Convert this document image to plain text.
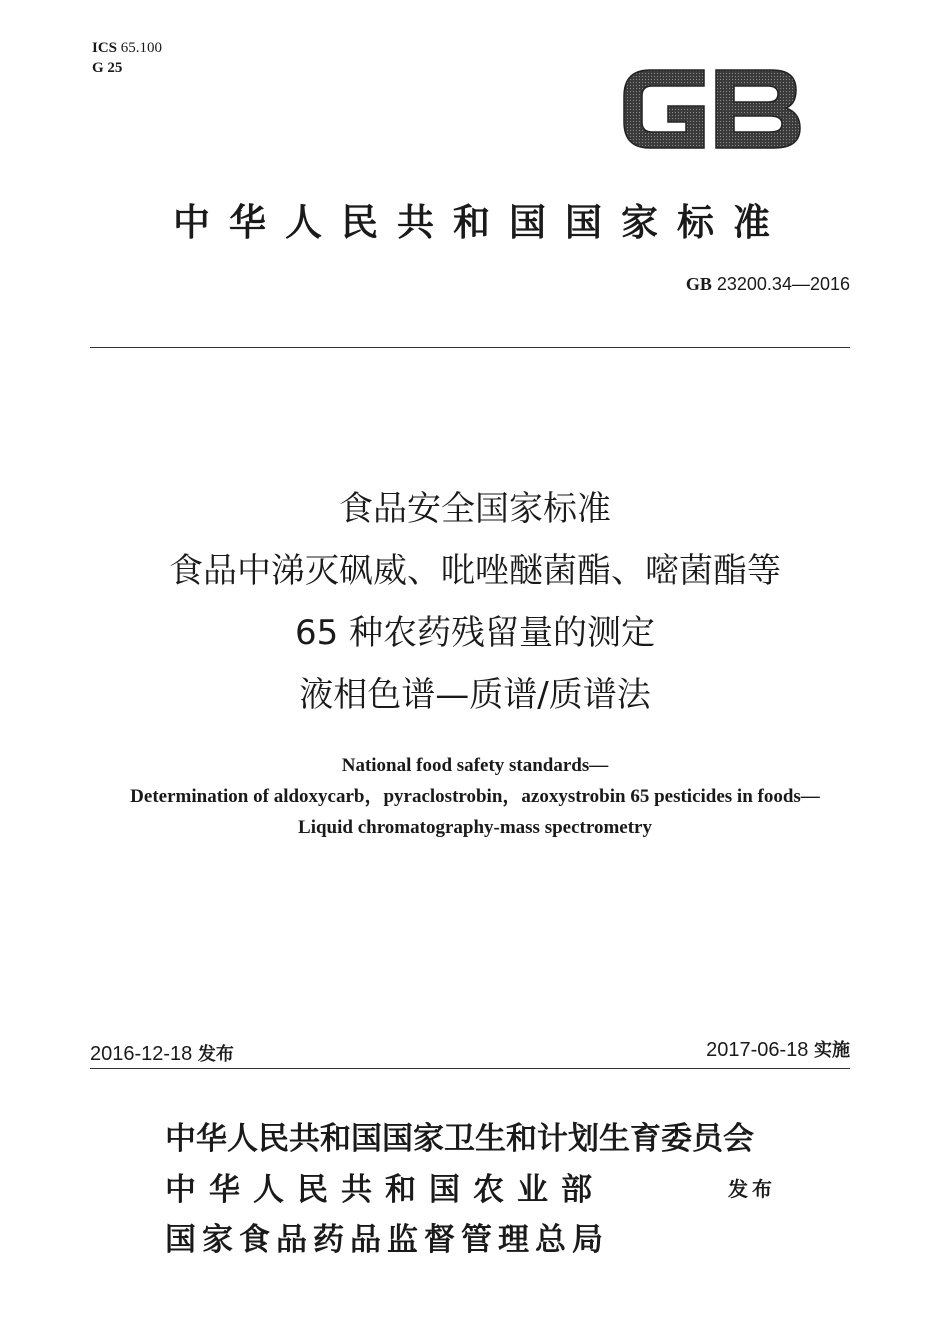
ICS 65.100
G 25
中华人民共和国国家标准
GB 23200.34—2016
食品安全国家标准
食品中涕灭砜威、吡唑醚菌酯、嘧菌酯等
65 种农药残留量的测定
液相色谱—质谱/质谱法
National food safety standards—
Determination of aldoxycarb，pyraclostrobin，azoxystrobin 65 pesticides in foods—
Liquid chromatography-mass spectrometry
2016-12-18 发布	2017-06-18 实施
中华人民共和国国家卫生和计划生育委员会
中华人民共和国农业部
国家食品药品监督管理总局
发布
